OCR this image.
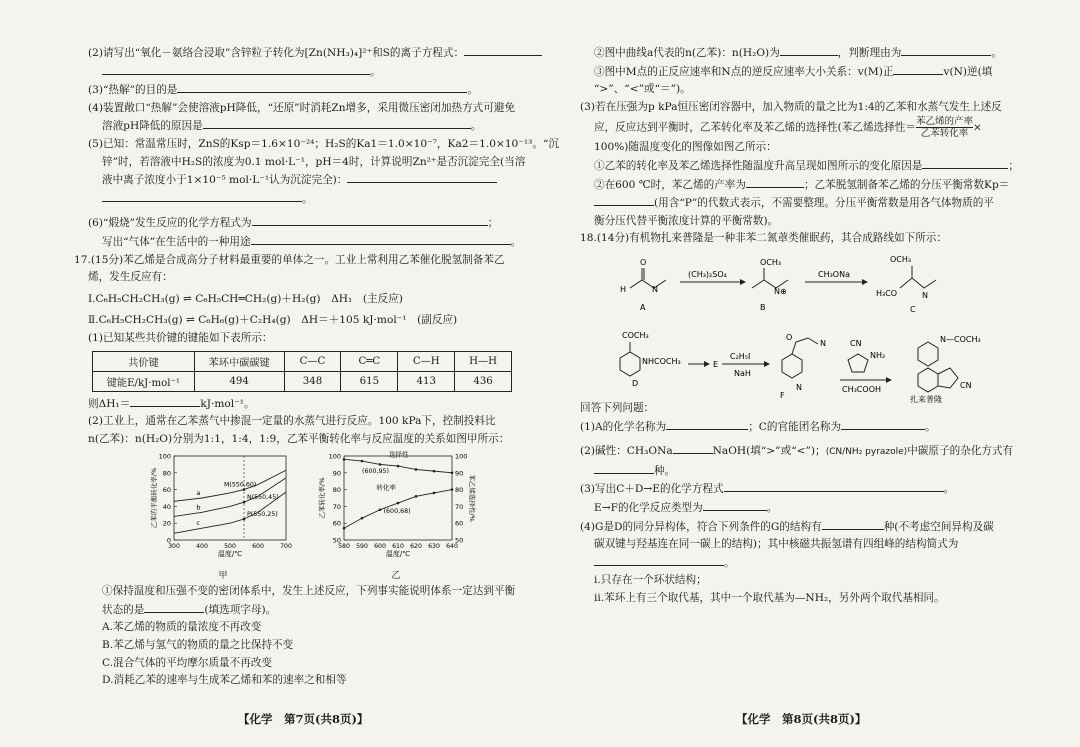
(2)请写出“氧化－氨络合浸取”含锌粒子转化为[Zn(NH₃)₄]²⁺和S的离子方程式：
。
(3)“热解”的目的是	。
(4)装置敞口“热解”会使溶液pH降低，“还原”时消耗Zn增多，采用微压密闭加热方式可避免
溶液pH降低的原因是	。
(5)已知：常温常压时，ZnS的Ksp＝1.6×10⁻²⁴；H₂S的Ka1＝1.0×10⁻⁷，Ka2＝1.0×10⁻¹³。“沉
锌”时，若溶液中H₂S的浓度为0.1 mol·L⁻¹，pH＝4时，计算说明Zn²⁺是否沉淀完全(当溶
液中离子浓度小于1×10⁻⁵ mol·L⁻¹认为沉淀完全)：
。
(6)“煅烧”发生反应的化学方程式为	；
写出“气体”在生活中的一种用途	。
17.(15分)苯乙烯是合成高分子材料最重要的单体之一。工业上常利用乙苯催化脱氢制备苯乙
烯，发生反应有：
Ⅰ.C₆H₅CH₂CH₃(g) ⇌ C₆H₅CH═CH₂(g)＋H₂(g)　ΔH₁　(主反应)
Ⅱ.C₆H₅CH₂CH₃(g) ⇌ C₆H₆(g)＋C₂H₄(g)　ΔH＝＋105 kJ·mol⁻¹　(副反应)
(1)已知某些共价键的键能如下表所示：
共价键	苯环中碳碳键	C—C	C═C	C—H	H—H
键能E/kJ·mol⁻¹	494	348	615	413	436
则ΔH₁＝	kJ·mol⁻¹。
(2)工业上，通常在乙苯蒸气中掺混一定量的水蒸气进行反应。100 kPa下，控制投料比
n(乙苯)：n(H₂O)分别为1:1，1:4，1:9，乙苯平衡转化率与反应温度的关系如图甲所示：
0
20
40
60
80
100
300	400	500	600	700
温度/℃
乙苯的平衡转化率/%	a
b
c
M(550,60)
N(550,45)
P(550,25)
甲
50	50
60	60
70	70
80	80
90	90
100	100
580 590 600 610 620 630 640
温度/℃
乙苯转化率/%	苯乙烯选择性/%
选择性
转化率
(600,95)
(600,68)
乙
①保持温度和压强不变的密闭体系中，发生上述反应，下列事实能说明体系一定达到平衡
状态的是	(填选项字母)。
A.苯乙烯的物质的量浓度不再改变
B.苯乙烯与氢气的物质的量之比保持不变
C.混合气体的平均摩尔质量不再改变
D.消耗乙苯的速率与生成苯乙烯和苯的速率之和相等
【化学　第7页(共8页)】
②图中曲线a代表的n(乙苯)：n(H₂O)为	，判断理由为	。
③图中M点的正反应速率和N点的逆反应速率大小关系：v(M)正	v(N)逆(填
“>”、“<”或“＝”)。
(3)若在压强为p kPa恒压密闭容器中，加入物质的量之比为1:4的乙苯和水蒸气发生上述反
应，反应达到平衡时，乙苯转化率及苯乙烯的选择性(苯乙烯选择性＝ 苯乙烯的产率
乙苯转化率 ×
100%)随温度变化的图像如图乙所示：
①乙苯的转化率及苯乙烯选择性随温度升高呈现如图所示的变化原因是	；
②在600 ℃时，苯乙烯的产率为	；乙苯脱氢制备苯乙烯的分压平衡常数Kp＝
(用含“P”的代数式表示，不需要整理。分压平衡常数是用各气体物质的平
衡分压代替平衡浓度计算的平衡常数)。
18.(14分)有机物扎来普隆是一种非苯二氮䓬类催眠药，其合成路线如下所示：
O
H	N
A
(CH₃)₂SO₄
OCH₃
N⊕
B
CH₃ONa
OCH₃
H₃CO	N
C
COCH₃
NHCOCH₃
D
E
C₂H₅I
NaH
O
N
N
F
CN
NH₂
CH₃COOH
N—COCH₃
CN
扎来普隆
回答下列问题：
(1)A的化学名称为	；C的官能团名称为	。
(2)碱性：CH₃ONa	NaOH(填“>”或“<”)；⟨CN/NH₂ pyrazole⟩中碳原子的杂化方式有
种。
(3)写出C＋D→E的化学方程式	。
E→F的化学反应类型为	。
(4)G是D的同分异构体，符合下列条件的G的结构有	种(不考虑空间异构及碳
碳双键与羟基连在同一碳上的结构)；其中核磁共振氢谱有四组峰的结构简式为
。
ⅰ.只存在一个环状结构；
ⅱ.苯环上有三个取代基，其中一个取代基为—NH₂，另外两个取代基相同。
【化学　第8页(共8页)】
